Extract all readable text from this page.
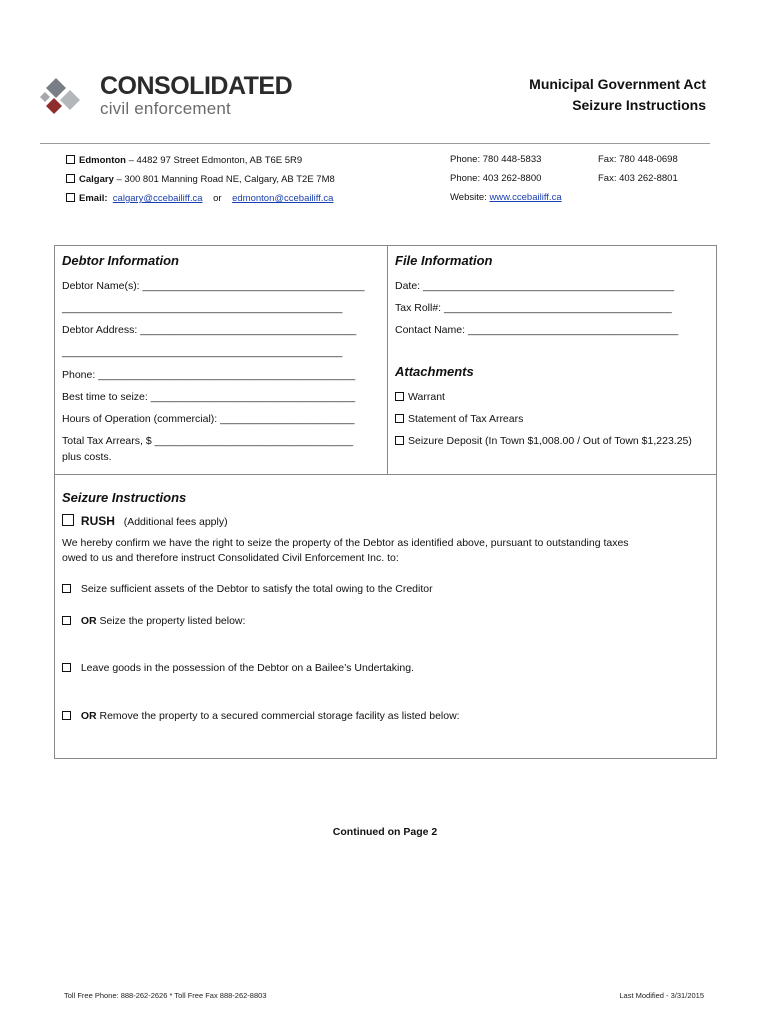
CONSOLIDATED
civil enforcement
Municipal Government Act
Seizure Instructions
Edmonton – 4482 97 Street Edmonton, AB T6E 5R9	Phone: 780 448-5833	Fax: 780 448-0698
Calgary – 300 801 Manning Road NE, Calgary, AB T2E 7M8	Phone: 403 262-8800	Fax: 403 262-8801
Email: calgary@ccebailiff.ca or edmonton@ccebailiff.ca	Website: www.ccebailiff.ca
Debtor Information
Debtor Name(s): ______________________________________
________________________________________________
Debtor Address: _____________________________________
________________________________________________
Phone: ____________________________________________
Best time to seize: ___________________________________
Hours of Operation (commercial): _______________________
Total Tax Arrears, $ __________________________________
plus costs.
File Information
Date: ___________________________________________
Tax Roll#: _______________________________________
Contact Name: ____________________________________
Attachments
Warrant
Statement of Tax Arrears
Seizure Deposit (In Town $1,008.00 / Out of Town $1,223.25)
Seizure Instructions
RUSH (Additional fees apply)
We hereby confirm we have the right to seize the property of the Debtor as identified above, pursuant to outstanding taxes
owed to us and therefore instruct Consolidated Civil Enforcement Inc. to:
Seize sufficient assets of the Debtor to satisfy the total owing to the Creditor
OR Seize the property listed below:
Leave goods in the possession of the Debtor on a Bailee’s Undertaking.
OR Remove the property to a secured commercial storage facility as listed below:
Continued on Page 2
Toll Free Phone: 888-262-2626 * Toll Free Fax 888-262-8803	Last Modified - 3/31/2015
